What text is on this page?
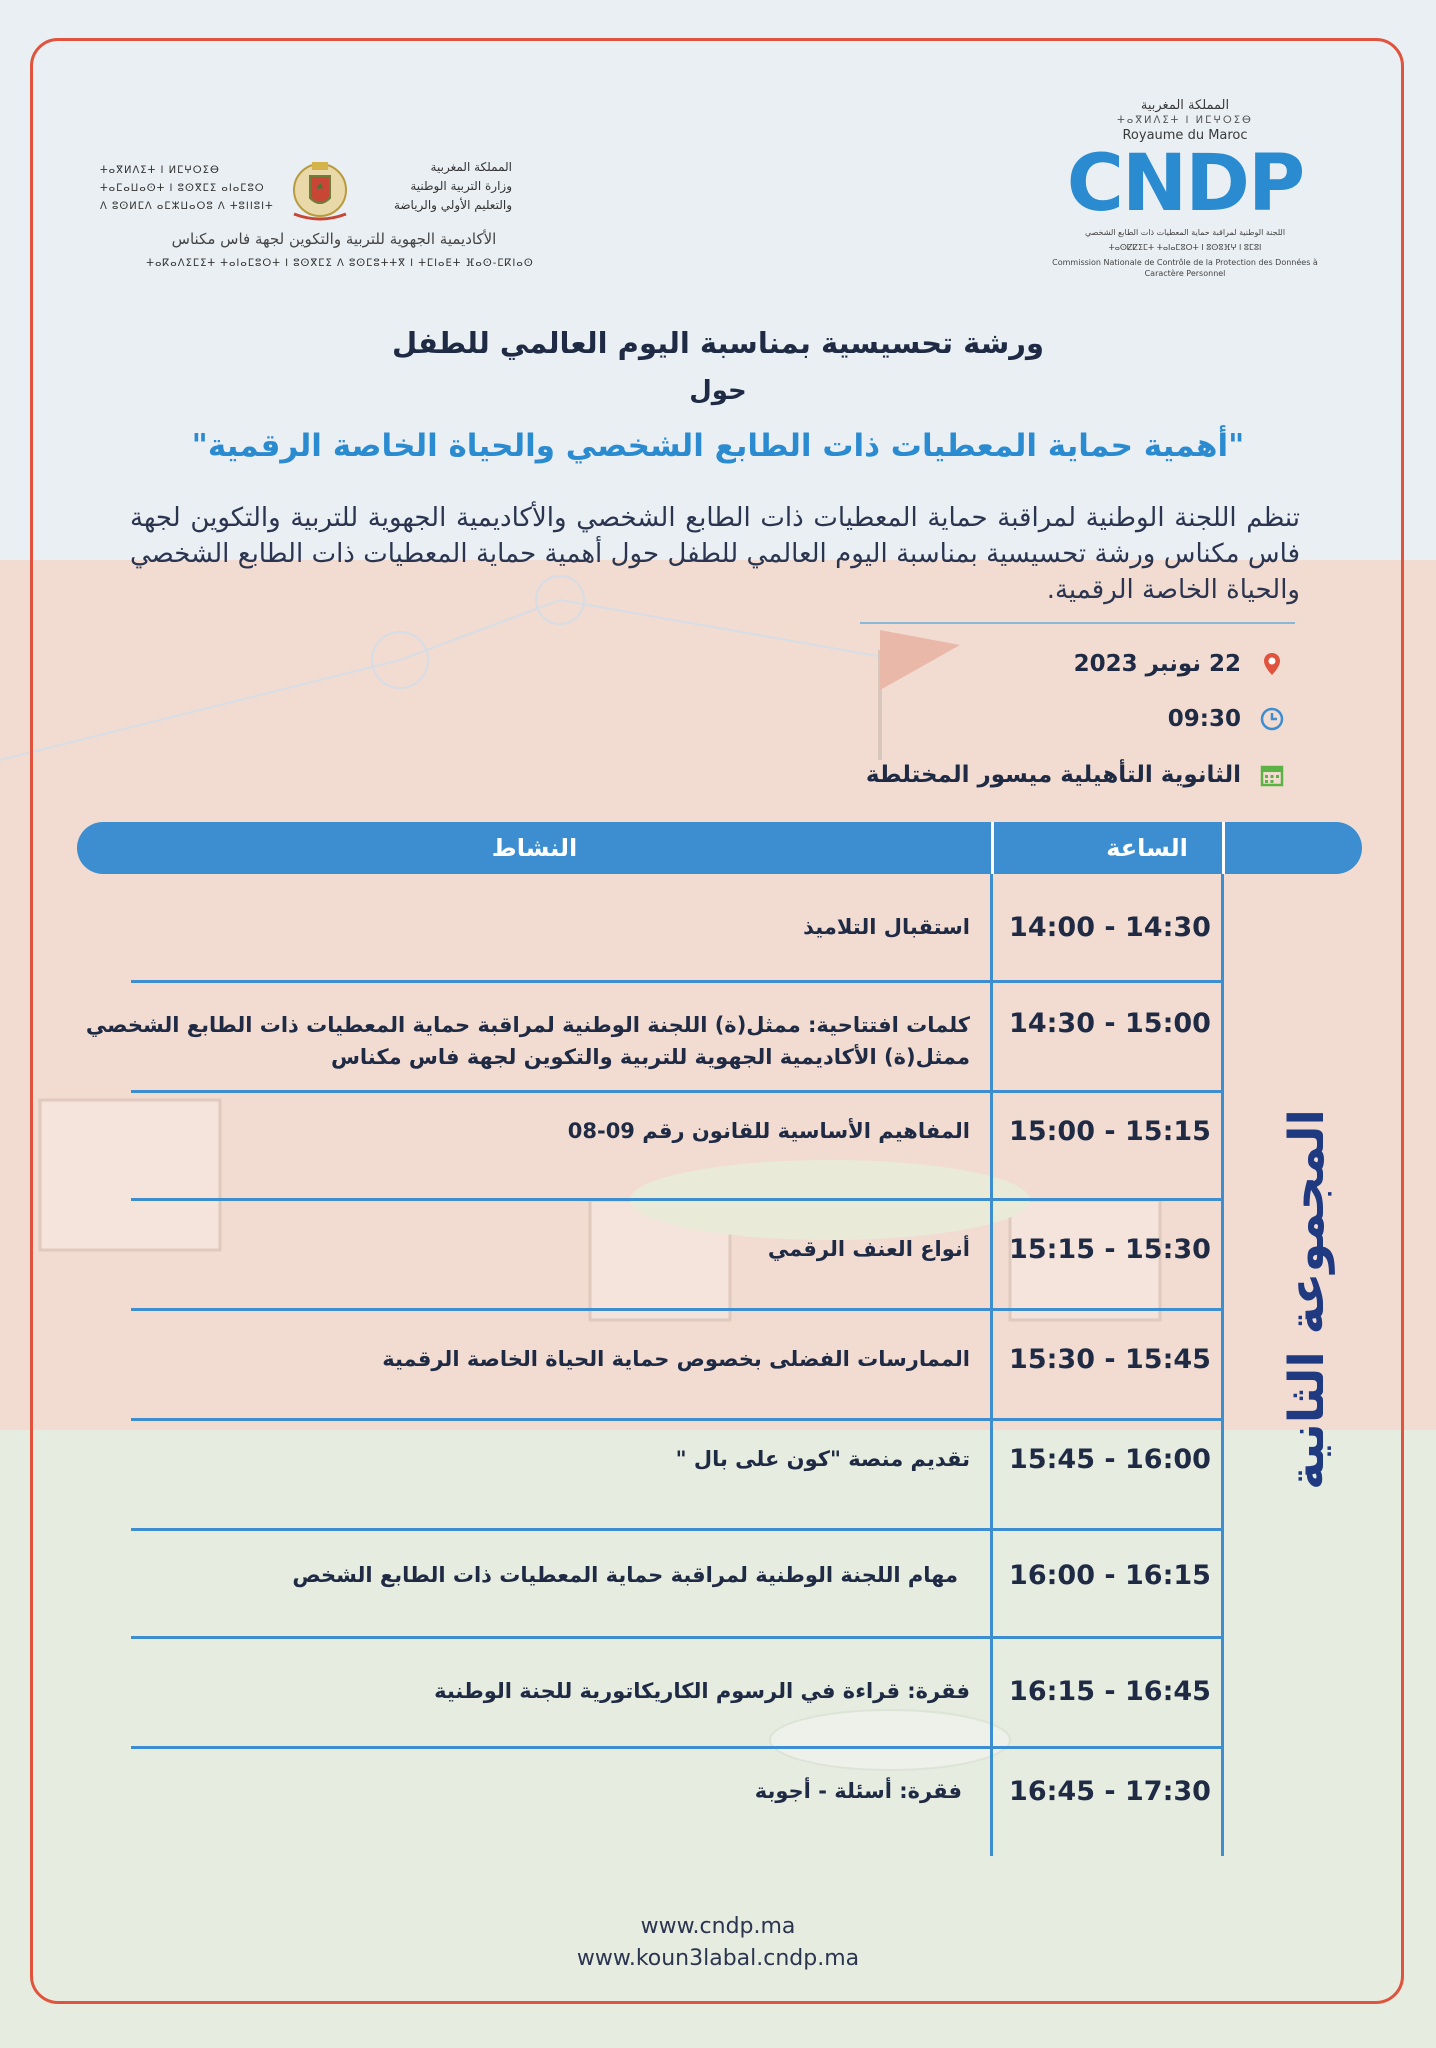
المملكة المغربية
ⵜⴰⴳⵍⴷⵉⵜ ⵏ ⵍⵎⵖⵔⵉⴱ
Royaume du Maroc
CNDP
اللجنة الوطنية لمراقبة حماية المعطيات ذات الطابع الشخصي
ⵜⴰⵙⵇⵇⵉⵎⵜ ⵜⴰⵏⴰⵎⵓⵔⵜ ⵏ ⵓⵙⵓⴼⵖ ⵏ ⵓⵎⵓⵏ
Commission Nationale de Contrôle de la Protection des Données à Caractère Personnel
ⵜⴰⴳⵍⴷⵉⵜ ⵏ ⵍⵎⵖⵔⵉⴱ
ⵜⴰⵎⴰⵡⴰⵙⵜ ⵏ ⵓⵙⴳⵎⵉ ⴰⵏⴰⵎⵓⵔ
ⴷ ⵓⵙⵍⵎⴷ ⴰⵎⵣⵡⴰⵔⵓ ⴷ ⵜⵓⵏⵏⵓⵏⵜ
المملكة المغربية
وزارة التربية الوطنية
والتعليم الأولي والرياضة
الأكاديمية الجهوية للتربية والتكوين لجهة فاس مكناس
ⵜⴰⴽⴰⴷⵉⵎⵉⵜ ⵜⴰⵏⴰⵎⵓⵔⵜ ⵏ ⵓⵙⴳⵎⵉ ⴷ ⵓⵙⵎⵓⵜⵜⴳ ⵏ ⵜⵎⵏⴰⴹⵜ ⴼⴰⵙ-ⵎⴽⵏⴰⵙ
ورشة تحسيسية بمناسبة اليوم العالمي للطفل
حول
"أهمية حماية المعطيات ذات الطابع الشخصي والحياة الخاصة الرقمية"
تنظم اللجنة الوطنية لمراقبة حماية المعطيات ذات الطابع الشخصي والأكاديمية الجهوية للتربية والتكوين لجهة فاس مكناس ورشة تحسيسية بمناسبة اليوم العالمي للطفل حول أهمية حماية المعطيات ذات الطابع الشخصي والحياة الخاصة الرقمية.
22 نونبر 2023
09:30
الثانوية التأهيلية ميسور المختلطة
النشاط	الساعة
14:00 - 14:30
استقبال التلاميذ
14:30 - 15:00
كلمات افتتاحية: ممثل(ة) اللجنة الوطنية لمراقبة حماية المعطيات ذات الطابع الشخصي
ممثل(ة) الأكاديمية الجهوية للتربية والتكوين لجهة فاس مكناس
15:00 - 15:15
المفاهيم الأساسية للقانون رقم 09-08
15:15 - 15:30
أنواع العنف الرقمي
15:30 - 15:45
الممارسات الفضلى بخصوص حماية الحياة الخاصة الرقمية
15:45 - 16:00
تقديم منصة "كون على بال "
16:00 - 16:15
مهام اللجنة الوطنية لمراقبة حماية المعطيات ذات الطابع الشخص
16:15 - 16:45
فقرة: قراءة في الرسوم الكاريكاتورية للجنة الوطنية
16:45 - 17:30
فقرة: أسئلة - أجوبة
المجموعة الثانية
www.cndp.ma
www.koun3labal.cndp.ma
